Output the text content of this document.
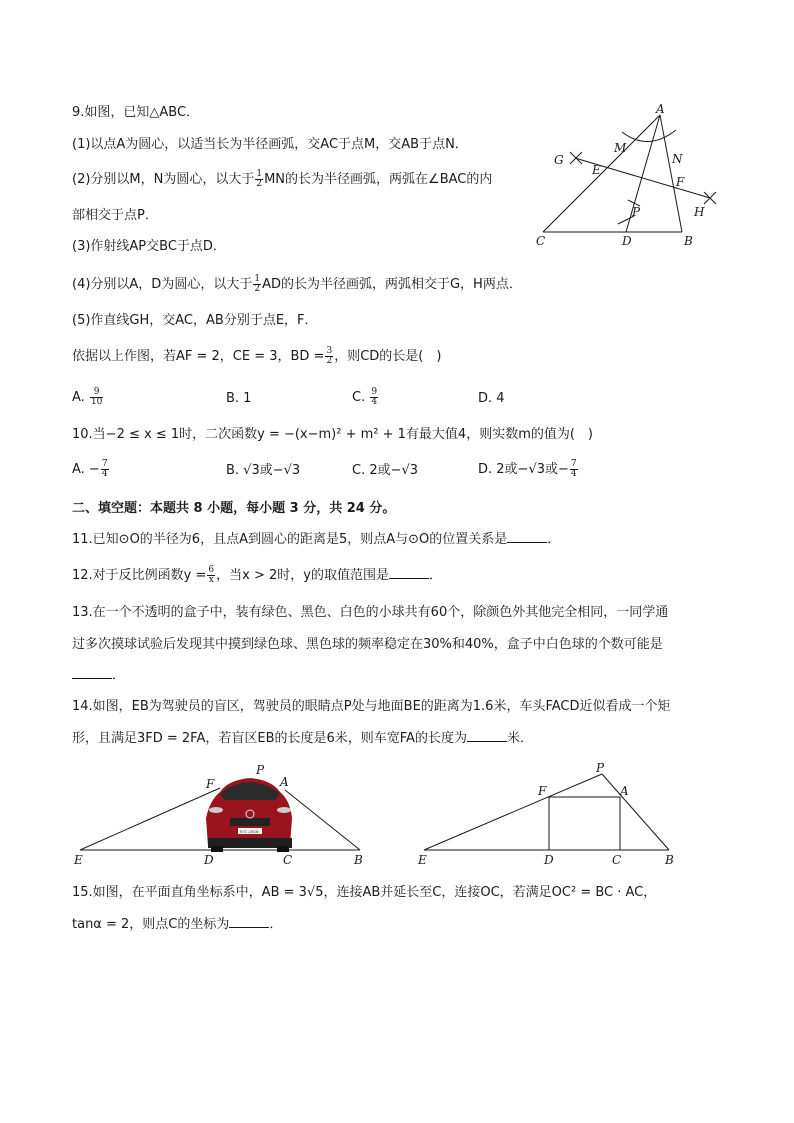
9.如图，已知△ABC．
(1)以点A为圆心，以适当长为半径画弧，交AC于点M，交AB于点N．
(2)分别以M，N为圆心，以大于 $\frac{1}{2}$ MN的长为半径画弧，两弧在∠BAC的内
部相交于点P．
(3)作射线AP交BC于点D．
(4)分别以A，D为圆心，以大于 $\frac{1}{2}$ AD的长为半径画弧，两弧相交于G，H两点．
(5)作直线GH，交AC，AB分别于点E，F．
依据以上作图，若AF = 2，CE = 3，BD = $\frac{3}{2}$ ，则CD的长是(　)
A. $\frac{9}{10}$	B. 1	C. $\frac{9}{4}$	D. 4
A
B
C	D
E
F
G
H
M
N
P
10.当−2 ≤ x ≤ 1时，二次函数y = −(x−m)² + m² + 1有最大值4，则实数m的值为(　)
A. − $\frac{7}{4}$	B. √3或−√3	C. 2或−√3	D. 2或−√3或− $\frac{7}{4}$
二、填空题：本题共 8 小题，每小题 3 分，共 24 分。
11.已知⊙O的半径为6，且点A到圆心的距离是5，则点A与⊙O的位置关系是	．
12.对于反比例函数$y = \frac{6}{x}$ ，当x > 2时，y的取值范围是	．
13.在一个不透明的盒子中，装有绿色、黑色、白色的小球共有60个，除颜色外其他完全相同，一同学通
过多次摸球试验后发现其中摸到绿色球、黑色球的频率稳定在30%和40%，盒子中白色球的个数可能是
．
14.如图，EB为驾驶员的盲区，驾驶员的眼睛点P处与地面BE的距离为1.6米，车头FACD近似看成一个矩
形，且满足3FD = 2FA，若盲区EB的长度是6米，则车宽FA的长度为	米．
S·C 2926
E	D	C	B
F	A
P
E	D	C	B
F	A
P
15.如图，在平面直角坐标系中，AB = 3√5，连接AB并延长至C，连接OC，若满足OC² = BC · AC，
tanα = 2，则点C的坐标为	．
